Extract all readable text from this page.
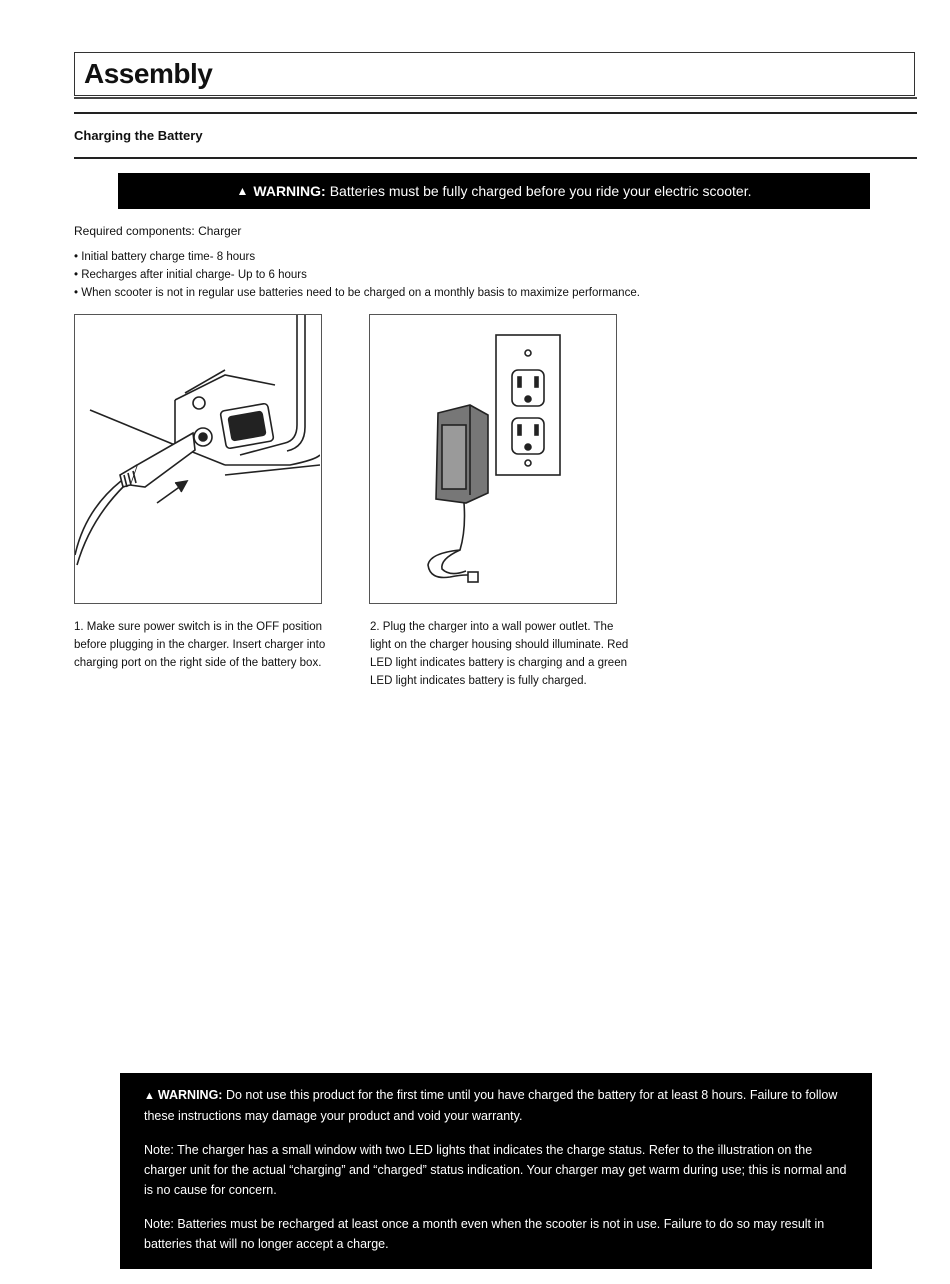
Assembly
Charging the Battery
▲ WARNING: Batteries must be fully charged before you ride your electric scooter.
Required components: Charger
• Initial battery charge time- 8 hours
• Recharges after initial charge- Up to 6 hours
• When scooter is not in regular use batteries need to be charged on a monthly basis to maximize performance.
1. Make sure power switch is in the OFF position before plugging in the charger. Insert charger into charging port on the right side of the battery box.
2. Plug the charger into a wall power outlet. The light on the charger housing should illuminate. Red LED light indicates battery is charging and a green LED light indicates battery is fully charged.

▲ WARNING: Do not use this product for the first time until you have charged the battery for at least 8 hours. Failure to follow these instructions may damage your product and void your warranty.

Note: The charger has a small window with two LED lights that indicates the charge status. Refer to the illustration on the charger unit for the actual “charging” and “charged” status indication. Your charger may get warm during use; this is normal and is no cause for concern.

Note: Batteries must be recharged at least once a month even when the scooter is not in use. Failure to do so may result in batteries that will no longer accept a charge.
